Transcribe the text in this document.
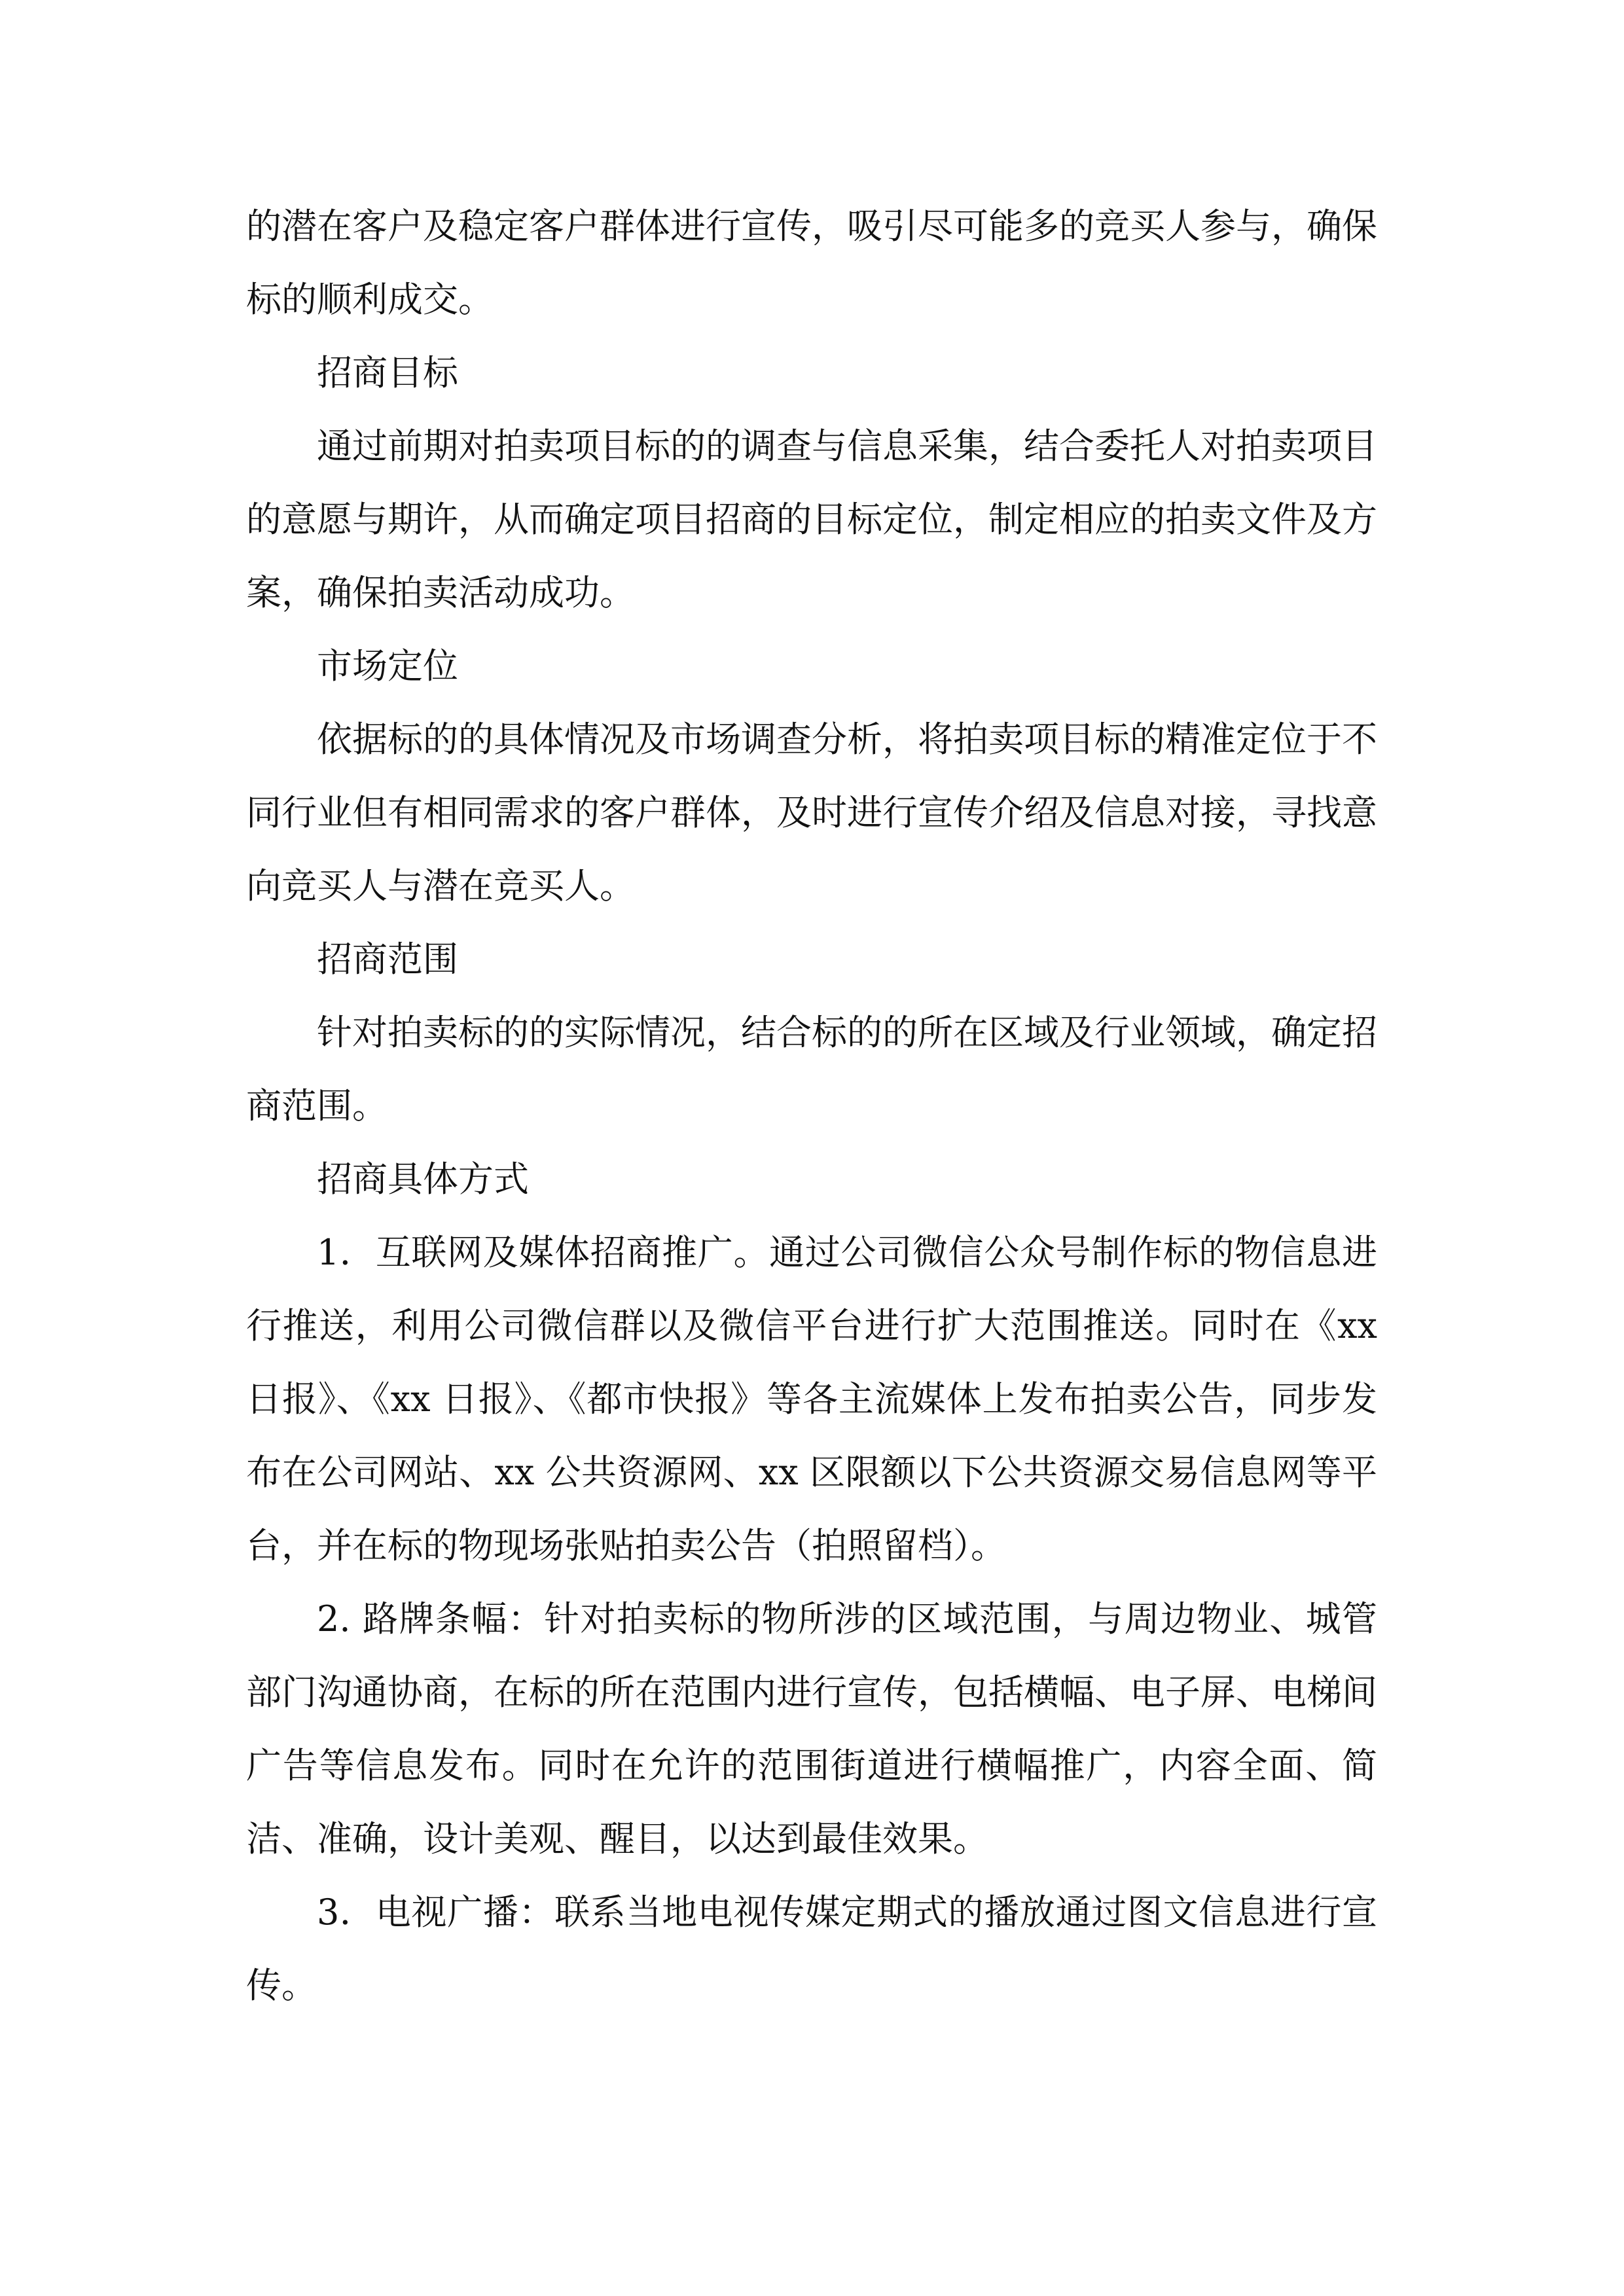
的潜在客户及稳定客户群体进行宣传，吸引尽可能多的竞买人参与，确保标的顺利成交。

招商目标

通过前期对拍卖项目标的的调查与信息采集，结合委托人对拍卖项目的意愿与期许，从而确定项目招商的目标定位，制定相应的拍卖文件及方案，确保拍卖活动成功。

市场定位

依据标的的具体情况及市场调查分析，将拍卖项目标的精准定位于不同行业但有相同需求的客户群体，及时进行宣传介绍及信息对接，寻找意向竞买人与潜在竞买人。

招商范围

针对拍卖标的的实际情况，结合标的的所在区域及行业领域，确定招商范围。

招商具体方式

1．互联网及媒体招商推广。通过公司微信公众号制作标的物信息进行推送，利用公司微信群以及微信平台进行扩大范围推送。同时在《xx 日报》、《xx 日报》、《都市快报》等各主流媒体上发布拍卖公告，同步发布在公司网站、xx 公共资源网、xx 区限额以下公共资源交易信息网等平台，并在标的物现场张贴拍卖公告（拍照留档）。

2. 路牌条幅：针对拍卖标的物所涉的区域范围，与周边物业、城管部门沟通协商，在标的所在范围内进行宣传，包括横幅、电子屏、电梯间广告等信息发布。同时在允许的范围街道进行横幅推广，内容全面、简洁、准确，设计美观、醒目，以达到最佳效果。

3．电视广播：联系当地电视传媒定期式的播放通过图文信息进行宣传。
